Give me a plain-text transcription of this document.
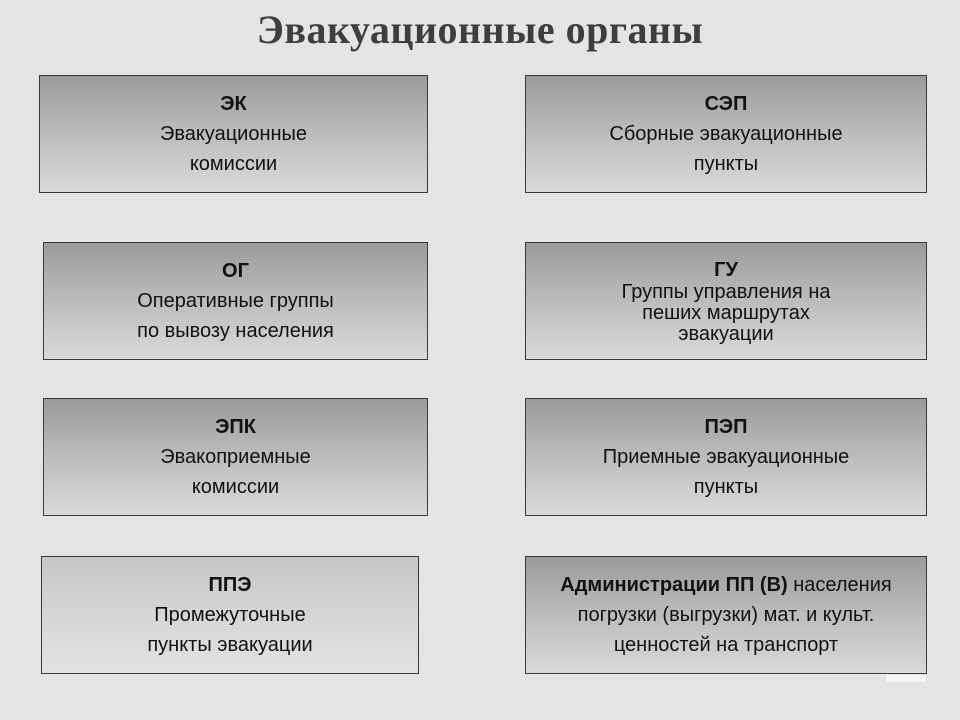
Эвакуационные органы
ЭК
Эвакуационные
комиссии
СЭП
Сборные эвакуационные
пункты
ОГ
Оперативные группы
по вывозу населения
ГУ
Группы управления на
пеших маршрутах
эвакуации
ЭПК
Эвакоприемные
комиссии
ПЭП
Приемные эвакуационные
пункты
ППЭ
Промежуточные
пункты эвакуации
Администрации ПП (В) населения
погрузки (выгрузки) мат. и культ.
ценностей на транспорт
